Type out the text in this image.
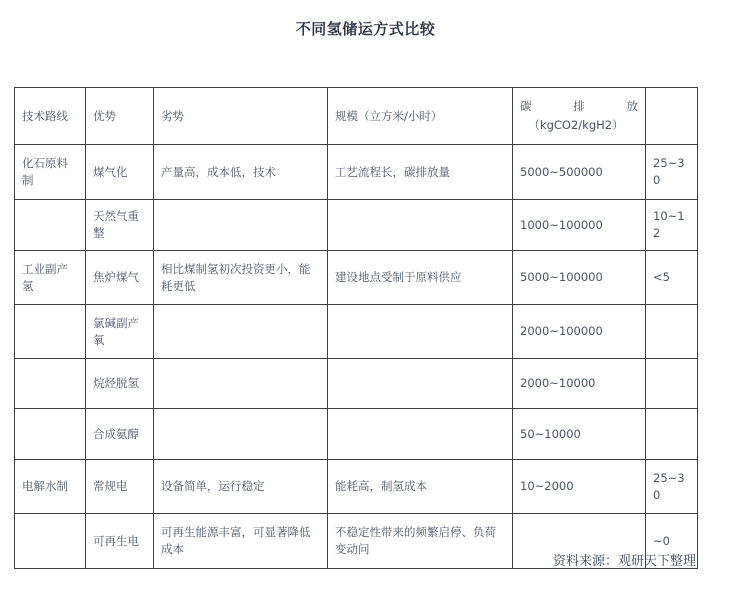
不同氢储运方式比较
技术路线	优势	劣势	规模（立方米/小时）	碳 排 放
（kgCO2/kgH2）	

化石原料制	煤气化	产量高，成本低，技术	工艺流程长，碳排放量	5000~500000	25~30
	天然气重整			1000~100000	10~12
工业副产氢	焦炉煤气	相比煤制氢初次投资更小，能耗更低	建设地点受制于原料供应	5000~100000	<5
	氯碱副产氧			2000~100000	
	烷烃脱氢			2000~10000	
	合成氨醇			50~10000	
电解水制	常规电	设备简单，运行稳定	能耗高，制氢成本	10~2000	25~30
	可再生电	可再生能源丰富，可显著降低成本	不稳定性带来的频繁启停、负荷变动问		~0
资料来源：观研天下整理
